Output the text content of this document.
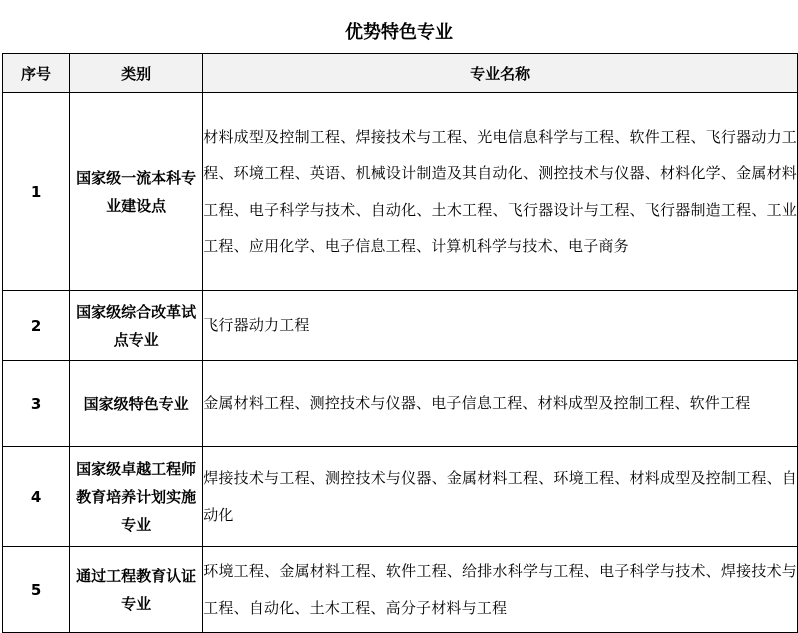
优势特色专业
序号	类别	专业名称
1	国家级一流本科专业建设点	材料成型及控制工程、焊接技术与工程、光电信息科学与工程、软件工程、飞行器动力工程、环境工程、英语、机械设计制造及其自动化、测控技术与仪器、材料化学、金属材料工程、电子科学与技术、自动化、土木工程、飞行器设计与工程、飞行器制造工程、工业工程、应用化学、电子信息工程、计算机科学与技术、电子商务
2	国家级综合改革试点专业	飞行器动力工程
3	国家级特色专业	金属材料工程、测控技术与仪器、电子信息工程、材料成型及控制工程、软件工程
4	国家级卓越工程师教育培养计划实施专业	焊接技术与工程、测控技术与仪器、金属材料工程、环境工程、材料成型及控制工程、自动化
5	通过工程教育认证专业	环境工程、金属材料工程、软件工程、给排水科学与工程、电子科学与技术、焊接技术与工程、自动化、土木工程、高分子材料与工程
